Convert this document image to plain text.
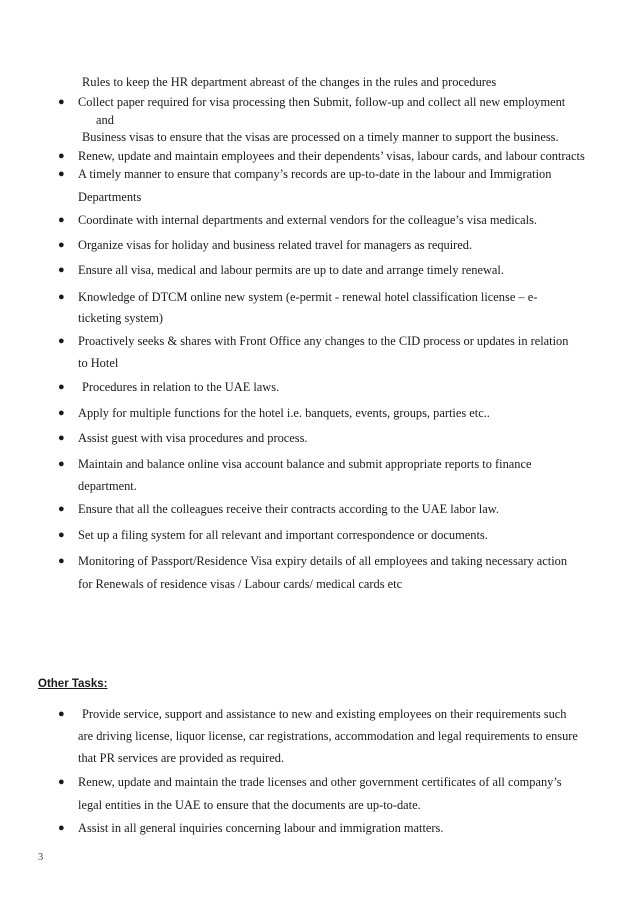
Rules to keep the HR department abreast of the changes in the rules and procedures
● Collect paper required for visa processing then Submit, follow-up and collect all new employment
and
Business visas to ensure that the visas are processed on a timely manner to support the business.
● Renew, update and maintain employees and their dependents’ visas, labour cards, and labour contracts
● A timely manner to ensure that company’s records are up-to-date in the labour and Immigration
Departments
● Coordinate with internal departments and external vendors for the colleague’s visa medicals.
● Organize visas for holiday and business related travel for managers as required.
● Ensure all visa, medical and labour permits are up to date and arrange timely renewal.
● Knowledge of DTCM online new system (e-permit - renewal hotel classification license – e-
ticketing system)
● Proactively seeks & shares with Front Office any changes to the CID process or updates in relation
to Hotel
● Procedures in relation to the UAE laws.
● Apply for multiple functions for the hotel i.e. banquets, events, groups, parties etc..
● Assist guest with visa procedures and process.
● Maintain and balance online visa account balance and submit appropriate reports to finance
department.
● Ensure that all the colleagues receive their contracts according to the UAE labor law.
● Set up a filing system for all relevant and important correspondence or documents.
● Monitoring of Passport/Residence Visa expiry details of all employees and taking necessary action
for Renewals of residence visas / Labour cards/ medical cards etc
Other Tasks:
● Provide service, support and assistance to new and existing employees on their requirements such
are driving license, liquor license, car registrations, accommodation and legal requirements to ensure
that PR services are provided as required.
● Renew, update and maintain the trade licenses and other government certificates of all company’s
legal entities in the UAE to ensure that the documents are up-to-date.
● Assist in all general inquiries concerning labour and immigration matters.
3
